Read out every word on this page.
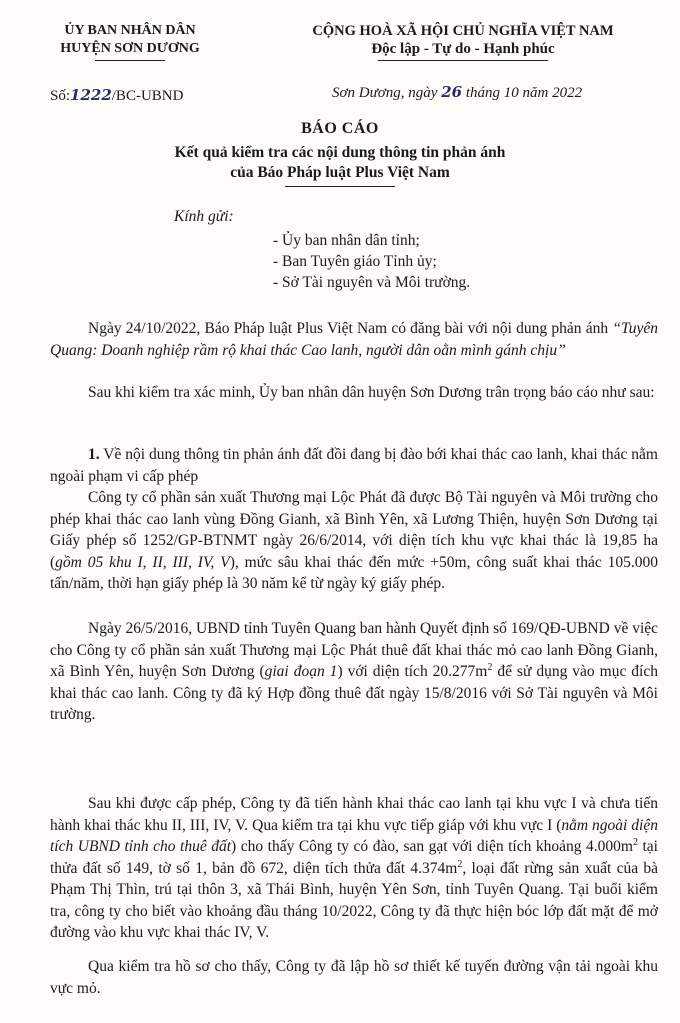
ỦY BAN NHÂN DÂN
HUYỆN SƠN DƯƠNG
CỘNG HOÀ XÃ HỘI CHỦ NGHĨA VIỆT NAM
Độc lập - Tự do - Hạnh phúc
Số:1222/BC-UBND	Sơn Dương, ngày 26 tháng 10 năm 2022
BÁO CÁO
Kết quả kiểm tra các nội dung thông tin phản ánh
của Báo Pháp luật Plus Việt Nam
Kính gửi:
- Ủy ban nhân dân tỉnh;
- Ban Tuyên giáo Tỉnh ủy;
- Sở Tài nguyên và Môi trường.

Ngày 24/10/2022, Báo Pháp luật Plus Việt Nam có đăng bài với nội dung phản ánh “Tuyên Quang: Doanh nghiệp rầm rộ khai thác Cao lanh, người dân oằn mình gánh chịu”

Sau khi kiểm tra xác minh, Ủy ban nhân dân huyện Sơn Dương trân trọng báo cáo như sau:

1. Về nội dung thông tin phản ánh đất đồi đang bị đào bới khai thác cao lanh, khai thác nằm ngoài phạm vi cấp phép

Công ty cổ phần sản xuất Thương mại Lộc Phát đã được Bộ Tài nguyên và Môi trường cho phép khai thác cao lanh vùng Đồng Gianh, xã Bình Yên, xã Lương Thiện, huyện Sơn Dương tại Giấy phép số 1252/GP-BTNMT ngày 26/6/2014, với diện tích khu vực khai thác là 19,85 ha (gồm 05 khu I, II, III, IV, V), mức sâu khai thác đến mức +50m, công suất khai thác 105.000 tấn/năm, thời hạn giấy phép là 30 năm kể từ ngày ký giấy phép.

Ngày 26/5/2016, UBND tỉnh Tuyên Quang ban hành Quyết định số 169/QĐ-UBND về việc cho Công ty cổ phần sản xuất Thương mại Lộc Phát thuê đất khai thác mỏ cao lanh Đồng Gianh, xã Bình Yên, huyện Sơn Dương (giai đoạn 1) với diện tích $20.277m^2$ để sử dụng vào mục đích khai thác cao lanh. Công ty đã ký Hợp đồng thuê đất ngày 15/8/2016 với Sở Tài nguyên và Môi trường.

Sau khi được cấp phép, Công ty đã tiến hành khai thác cao lanh tại khu vực I và chưa tiến hành khai thác khu II, III, IV, V. Qua kiểm tra tại khu vực tiếp giáp với khu vực I (nằm ngoài diện tích UBND tỉnh cho thuê đất) cho thấy Công ty có đào, san gạt với diện tích khoảng $4.000m^2$ tại thửa đất số 149, tờ số 1, bản đồ 672, diện tích thửa đất $4.374m^2$, loại đất rừng sản xuất của bà Phạm Thị Thìn, trú tại thôn 3, xã Thái Bình, huyện Yên Sơn, tỉnh Tuyên Quang. Tại buổi kiểm tra, công ty cho biết vào khoảng đầu tháng 10/2022, Công ty đã thực hiện bóc lớp đất mặt để mở đường vào khu vực khai thác IV, V.

Qua kiểm tra hồ sơ cho thấy, Công ty đã lập hồ sơ thiết kế tuyến đường vận tải ngoài khu vực mỏ.
